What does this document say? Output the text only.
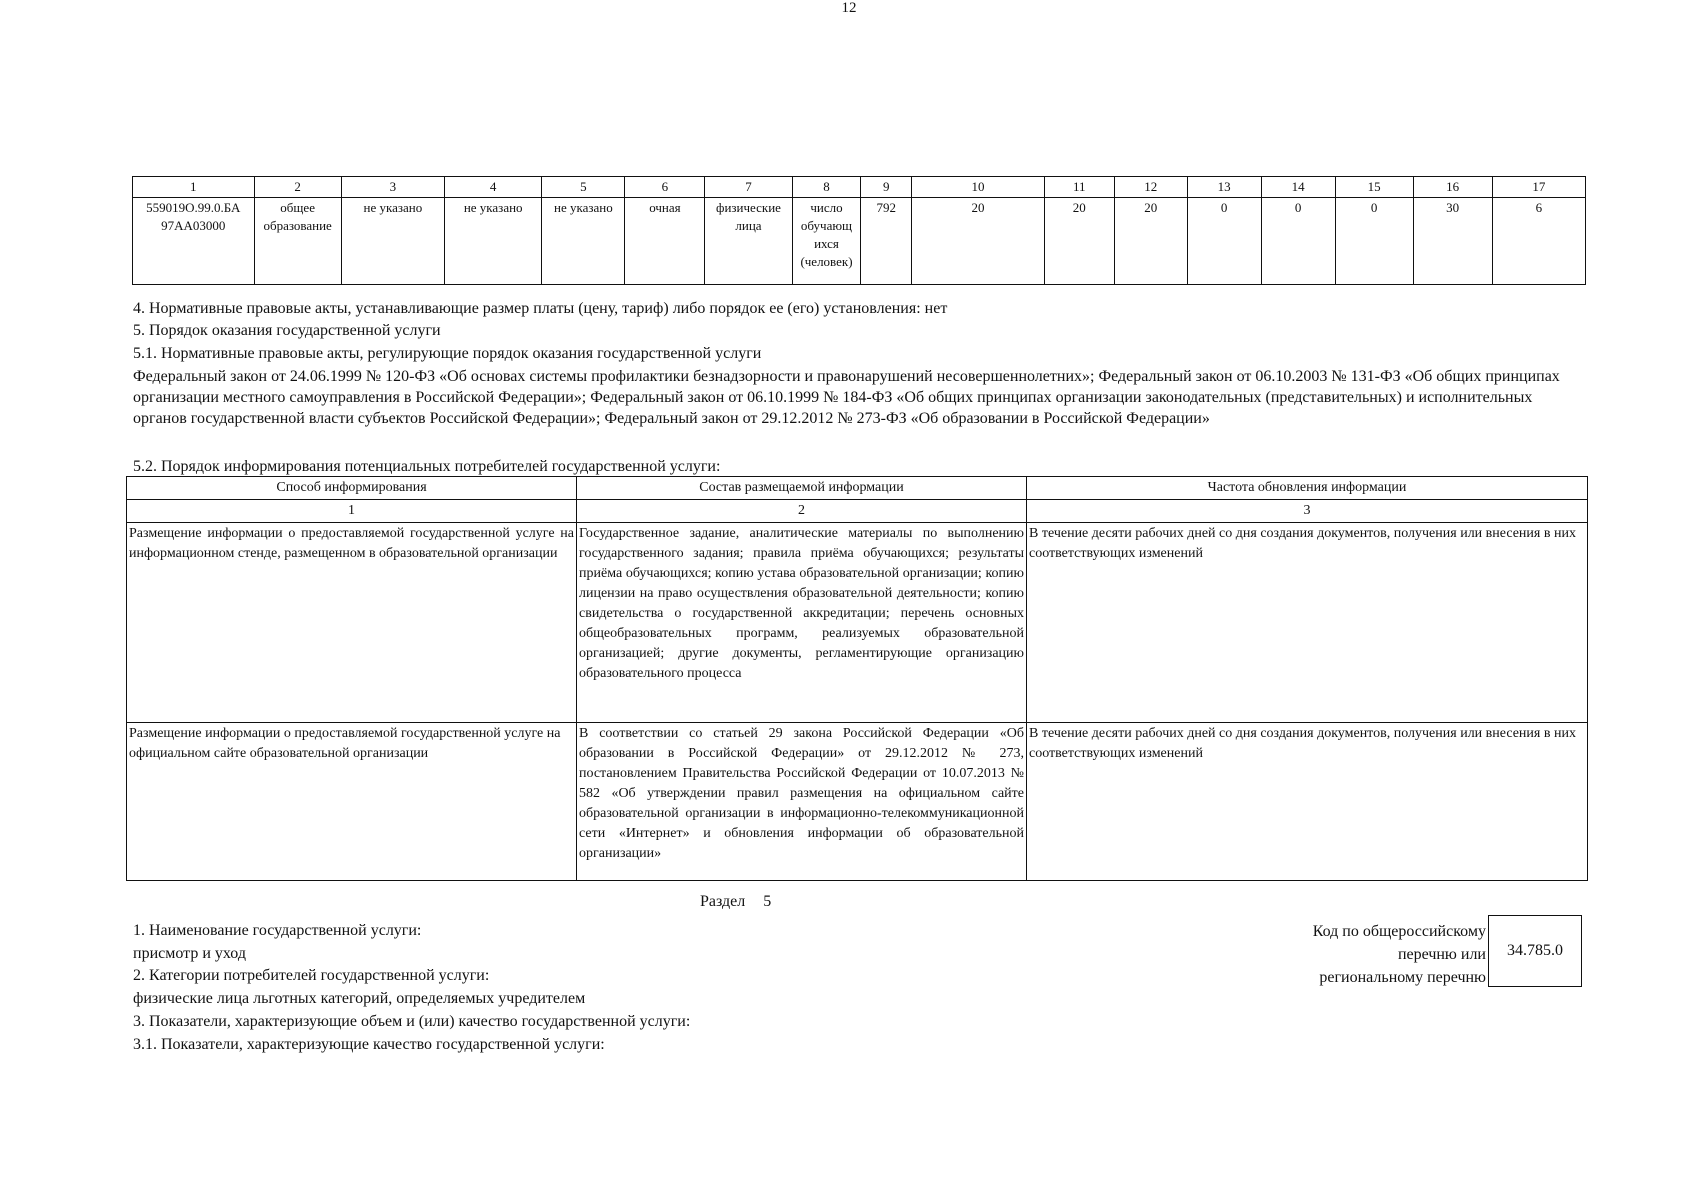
12
1	2	3	4	5	6	7	8	9	10	11	12	13	14	15	16	17
559019О.99.0.БА 97АА03000	общее образование	не указано	не указано	не указано	очная	физические лица	число обучающ ихся (человек)	792	20	20	20	0	0	0	30	6
4. Нормативные правовые акты, устанавливающие размер платы (цену, тариф) либо порядок ее (его) установления: нет
5. Порядок оказания государственной услуги
5.1. Нормативные правовые акты, регулирующие порядок оказания государственной услуги
Федеральный закон от 24.06.1999 № 120-ФЗ «Об основах системы профилактики безнадзорности и правонарушений несовершеннолетних»; Федеральный закон от 06.10.2003 № 131-ФЗ «Об общих принципах организации местного самоуправления в Российской Федерации»; Федеральный закон от 06.10.1999 № 184-ФЗ «Об общих принципах организации законодательных (представительных) и исполнительных органов государственной власти субъектов Российской Федерации»; Федеральный закон от 29.12.2012 № 273-ФЗ «Об образовании в Российской Федерации»
5.2. Порядок информирования потенциальных потребителей государственной услуги:
Способ информирования	Состав размещаемой информации	Частота обновления информации
1	2	3
Размещение информации о предоставляемой государственной услуге на информационном стенде, размещенном в образовательной организации	Государственное задание, аналитические материалы по выполнению государственного задания; правила приёма обучающихся; результаты приёма обучающихся; копию устава образовательной организации; копию лицензии на право осуществления образовательной деятельности; копию свидетельства о государственной аккредитации; перечень основных общеобразовательных программ, реализуемых образовательной организацией; другие документы, регламентирующие организацию образовательного процесса	В течение десяти рабочих дней со дня создания документов, получения или внесения в них соответствующих изменений
Размещение информации о предоставляемой государственной услуге на официальном сайте образовательной организации	В соответствии со статьей 29 закона Российской Федерации «Об образовании в Российской Федерации» от 29.12.2012 № 273, постановлением Правительства Российской Федерации от 10.07.2013 № 582 «Об утверждении правил размещения на официальном сайте образовательной организации в информационно-телекоммуникационной сети «Интернет» и обновления информации об образовательной организации»	В течение десяти рабочих дней со дня создания документов, получения или внесения в них соответствующих изменений
Раздел 5
1. Наименование государственной услуги:
присмотр и уход
2. Категории потребителей государственной услуги:
физические лица льготных категорий, определяемых учредителем
3. Показатели, характеризующие объем и (или) качество государственной услуги:
3.1. Показатели, характеризующие качество государственной услуги:
Код по общероссийскому
перечню или
региональному перечню
34.785.0
